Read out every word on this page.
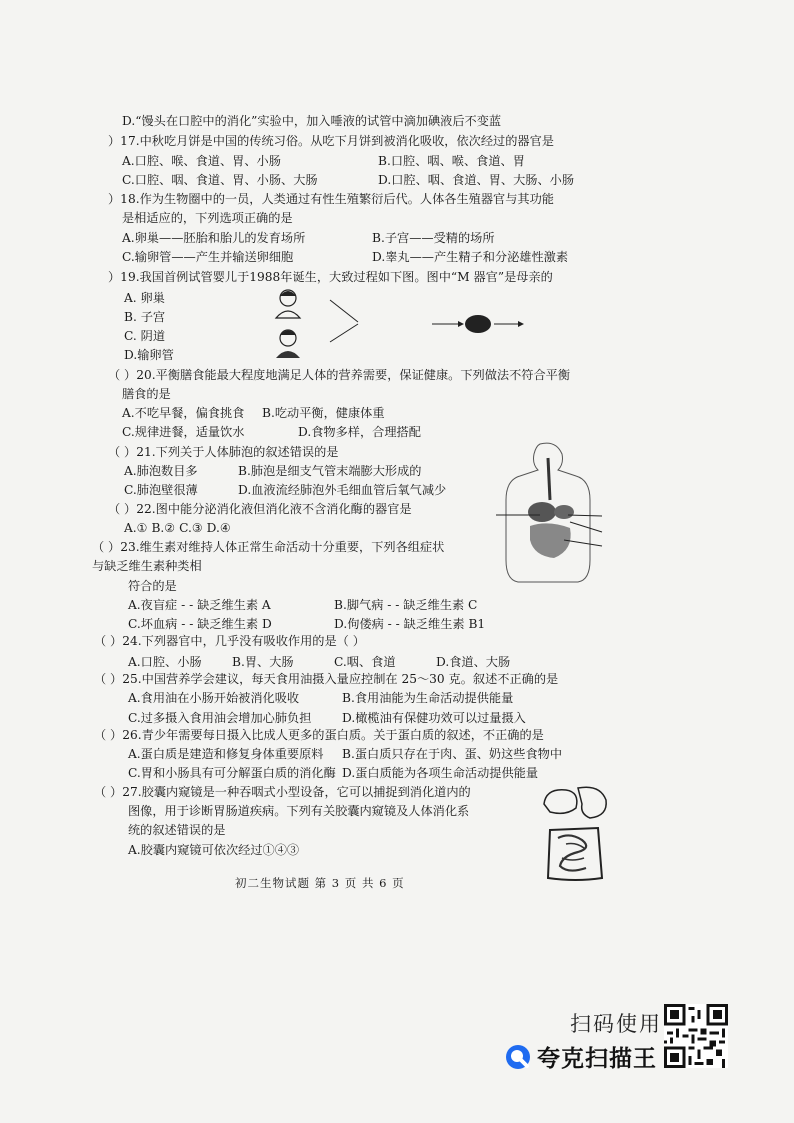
D.“馒头在口腔中的消化”实验中，加入唾液的试管中滴加碘液后不变蓝
）17.中秋吃月饼是中国的传统习俗。从吃下月饼到被消化吸收，依次经过的器官是
A.口腔、喉、食道、胃、小肠	B.口腔、咽、喉、食道、胃
C.口腔、咽、食道、胃、小肠、大肠	D.口腔、咽、食道、胃、大肠、小肠
）18.作为生物圈中的一员，人类通过有性生殖繁衍后代。人体各生殖器官与其功能
是相适应的，下列选项正确的是
A.卵巢——胚胎和胎儿的发育场所	B.子宫——受精的场所
C.输卵管——产生并输送卵细胞	D.睾丸——产生精子和分泌雄性激素
）19.我国首例试管婴儿于1988年诞生，大致过程如下图。图中“M 器官”是母亲的
A. 卵巢
B. 子宫
C. 阴道
D.输卵管
（ ）20.平衡膳食能最大程度地满足人体的营养需要，保证健康。下列做法不符合平衡
膳食的是
A.不吃早餐，偏食挑食 B.吃动平衡，健康体重
C.规律进餐，适量饮水	D.食物多样，合理搭配
（ ）21.下列关于人体肺泡的叙述错误的是
A.肺泡数目多	B.肺泡是细支气管末端膨大形成的
C.肺泡壁很薄	D.血液流经肺泡外毛细血管后氧气减少
（ ）22.图中能分泌消化液但消化液不含消化酶的器官是
A.① B.② C.③ D.④
（ ）23.维生素对维持人体正常生命活动十分重要，下列各组症状
与缺乏维生素种类相
符合的是
A.夜盲症 - - 缺乏维生素 A	B.脚气病 - - 缺乏维生素 C
C.坏血病 - - 缺乏维生素 D	D.佝偻病 - - 缺乏维生素 B1
（ ）24.下列器官中，几乎没有吸收作用的是（ ）
A.口腔、小肠 B.胃、大肠	C.咽、食道	D.食道、大肠
（ ）25.中国营养学会建议，每天食用油摄入量应控制在 25～30 克。叙述不正确的是
A.食用油在小肠开始被消化吸收	B.食用油能为生命活动提供能量
C.过多摄入食用油会增加心肺负担	D.橄榄油有保健功效可以过量摄入
（ ）26.青少年需要每日摄入比成人更多的蛋白质。关于蛋白质的叙述，不正确的是
A.蛋白质是建造和修复身体重要原料 B.蛋白质只存在于肉、蛋、奶这些食物中
C.胃和小肠具有可分解蛋白质的消化酶 D.蛋白质能为各项生命活动提供能量
（ ）27.胶囊内窥镜是一种吞咽式小型设备，它可以捕捉到消化道内的
图像，用于诊断胃肠道疾病。下列有关胶囊内窥镜及人体消化系
统的叙述错误的是
A.胶囊内窥镜可依次经过①④③
初二生物试题 第 3 页 共 6 页
扫码使用
夸克扫描王
